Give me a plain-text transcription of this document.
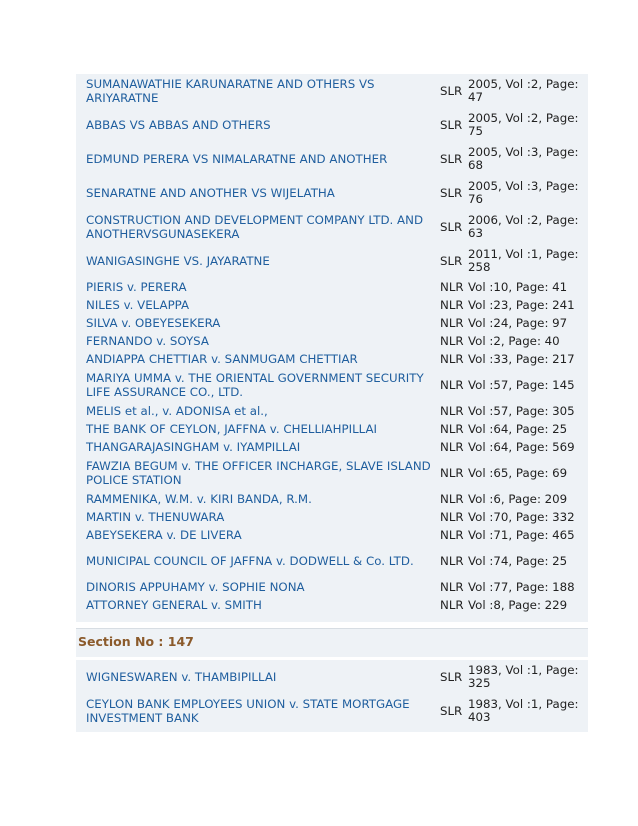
SUMANAWATHIE KARUNARATNE AND OTHERS VS ARIYARATNE	SLR	2005, Vol :2, Page: 47
ABBAS VS ABBAS AND OTHERS	SLR	2005, Vol :2, Page: 75
EDMUND PERERA VS NIMALARATNE AND ANOTHER	SLR	2005, Vol :3, Page: 68
SENARATNE AND ANOTHER VS WIJELATHA	SLR	2005, Vol :3, Page: 76
CONSTRUCTION AND DEVELOPMENT COMPANY LTD. AND ANOTHERVSGUNASEKERA	SLR	2006, Vol :2, Page: 63
WANIGASINGHE VS. JAYARATNE	SLR	2011, Vol :1, Page: 258
PIERIS v. PERERA	NLR	Vol :10, Page: 41
NILES v. VELAPPA	NLR	Vol :23, Page: 241
SILVA v. OBEYESEKERA	NLR	Vol :24, Page: 97
FERNANDO v. SOYSA	NLR	Vol :2, Page: 40
ANDIAPPA CHETTIAR v. SANMUGAM CHETTIAR	NLR	Vol :33, Page: 217
MARIYA UMMA v. THE ORIENTAL GOVERNMENT SECURITY LIFE ASSURANCE CO., LTD.	NLR	Vol :57, Page: 145
MELIS et al., v. ADONISA et al.,	NLR	Vol :57, Page: 305
THE BANK OF CEYLON, JAFFNA v. CHELLIAHPILLAI	NLR	Vol :64, Page: 25
THANGARAJASINGHAM v. IYAMPILLAI	NLR	Vol :64, Page: 569
FAWZIA BEGUM v. THE OFFICER INCHARGE, SLAVE ISLAND POLICE STATION	NLR	Vol :65, Page: 69
RAMMENIKA, W.M. v. KIRI BANDA, R.M.	NLR	Vol :6, Page: 209
MARTIN v. THENUWARA	NLR	Vol :70, Page: 332
ABEYSEKERA v. DE LIVERA	NLR	Vol :71, Page: 465
MUNICIPAL COUNCIL OF JAFFNA v. DODWELL & Co. LTD.	NLR	Vol :74, Page: 25
DINORIS APPUHAMY v. SOPHIE NONA	NLR	Vol :77, Page: 188
ATTORNEY GENERAL v. SMITH	NLR	Vol :8, Page: 229
Section No : 147
WIGNESWAREN v. THAMBIPILLAI	SLR	1983, Vol :1, Page: 325
CEYLON BANK EMPLOYEES UNION v. STATE MORTGAGE INVESTMENT BANK	SLR	1983, Vol :1, Page: 403
